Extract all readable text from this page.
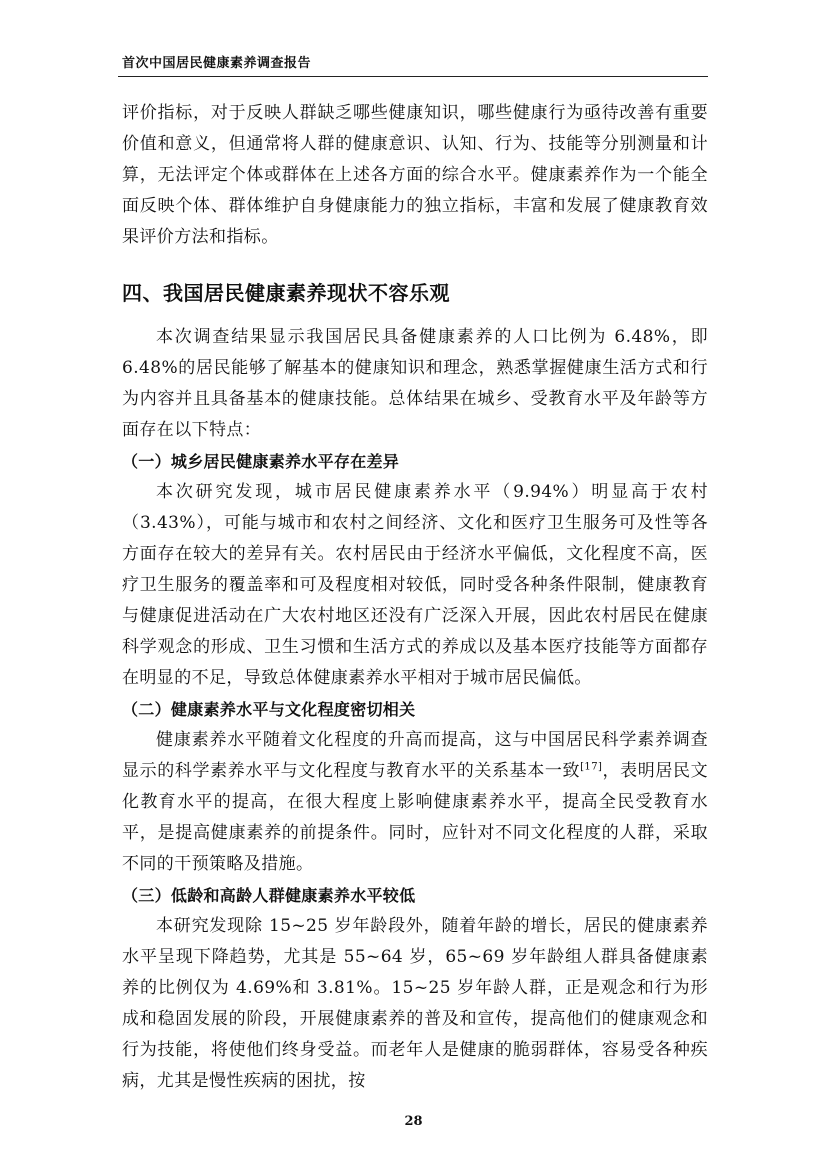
首次中国居民健康素养调查报告

评价指标，对于反映人群缺乏哪些健康知识，哪些健康行为亟待改善有重要价值和意义，但通常将人群的健康意识、认知、行为、技能等分别测量和计算，无法评定个体或群体在上述各方面的综合水平。健康素养作为一个能全面反映个体、群体维护自身健康能力的独立指标，丰富和发展了健康教育效果评价方法和指标。

四、我国居民健康素养现状不容乐观

本次调查结果显示我国居民具备健康素养的人口比例为 6.48%，即 6.48%的居民能够了解基本的健康知识和理念，熟悉掌握健康生活方式和行为内容并且具备基本的健康技能。总体结果在城乡、受教育水平及年龄等方面存在以下特点：

（一）城乡居民健康素养水平存在差异

本次研究发现，城市居民健康素养水平（9.94%）明显高于农村（3.43%），可能与城市和农村之间经济、文化和医疗卫生服务可及性等各方面存在较大的差异有关。农村居民由于经济水平偏低，文化程度不高，医疗卫生服务的覆盖率和可及程度相对较低，同时受各种条件限制，健康教育与健康促进活动在广大农村地区还没有广泛深入开展，因此农村居民在健康科学观念的形成、卫生习惯和生活方式的养成以及基本医疗技能等方面都存在明显的不足，导致总体健康素养水平相对于城市居民偏低。

（二）健康素养水平与文化程度密切相关

健康素养水平随着文化程度的升高而提高，这与中国居民科学素养调查显示的科学素养水平与文化程度与教育水平的关系基本一致[17]，表明居民文化教育水平的提高，在很大程度上影响健康素养水平，提高全民受教育水平，是提高健康素养的前提条件。同时，应针对不同文化程度的人群，采取不同的干预策略及措施。

（三）低龄和高龄人群健康素养水平较低

本研究发现除 15~25 岁年龄段外，随着年龄的增长，居民的健康素养水平呈现下降趋势，尤其是 55~64 岁，65~69 岁年龄组人群具备健康素养的比例仅为 4.69%和 3.81%。15~25 岁年龄人群，正是观念和行为形成和稳固发展的阶段，开展健康素养的普及和宣传，提高他们的健康观念和行为技能，将使他们终身受益。而老年人是健康的脆弱群体，容易受各种疾病，尤其是慢性疾病的困扰，按

28
